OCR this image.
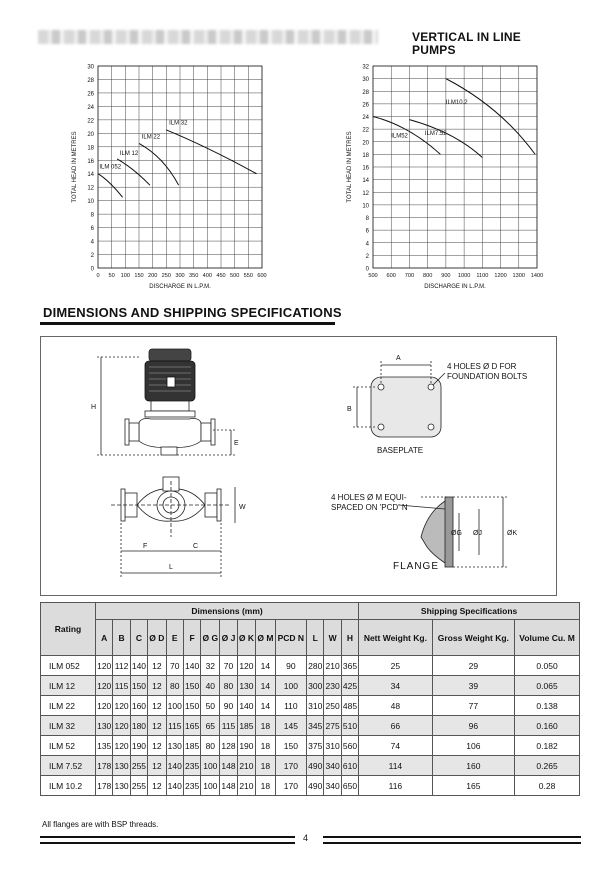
VERTICAL IN LINE
PUMPS
0
2
4
6
8
10
12
14
16
18
20
22
24
26
28
30
0 50 100 150 200 250 300 350 400 450 500 550 600
DISCHARGE IN L.P.M.
TOTAL HEAD IN METRES	ILM 052
ILM 12
ILM 22
ILM 32
0
2
4
6
8
10
12
14
16
18
20
22
24
26
28
30
32
500 600 700 800 900 1000 1100 1200 1300 1400
DISCHARGE IN L.P.M.
TOTAL HEAD IN METRES	ILM52	ILM7.52
ILM10.2
DIMENSIONS AND SHIPPING SPECIFICATIONS
H
E
W
F	C
L
A
B
4 HOLES Ø D FOR
FOUNDATION BOLTS
BASEPLATE
ØG ØJ	ØK
4 HOLES Ø M EQUI-
SPACED ON 'PCD' N
FLANGE
Rating	Dimensions (mm)														Shipping Specifications		
	A	B	C	Ø D	E	F	Ø G	Ø J	Ø K	Ø M	PCD N	L	W	H	Nett Weight Kg.	Gross Weight Kg.	Volume Cu. M
ILM 052	120	112	140	12	70	140	32	70	120	14	90	280	210	365	25	29	0.050
ILM 12	120	115	150	12	80	150	40	80	130	14	100	300	230	425	34	39	0.065
ILM 22	120	120	160	12	100	150	50	90	140	14	110	310	250	485	48	77	0.138
ILM 32	130	120	180	12	115	165	65	115	185	18	145	345	275	510	66	96	0.160
ILM 52	135	120	190	12	130	185	80	128	190	18	150	375	310	560	74	106	0.182
ILM 7.52	178	130	255	12	140	235	100	148	210	18	170	490	340	610	114	160	0.265
ILM 10.2	178	130	255	12	140	235	100	148	210	18	170	490	340	650	116	165	0.28
All flanges are with BSP threads.
4
